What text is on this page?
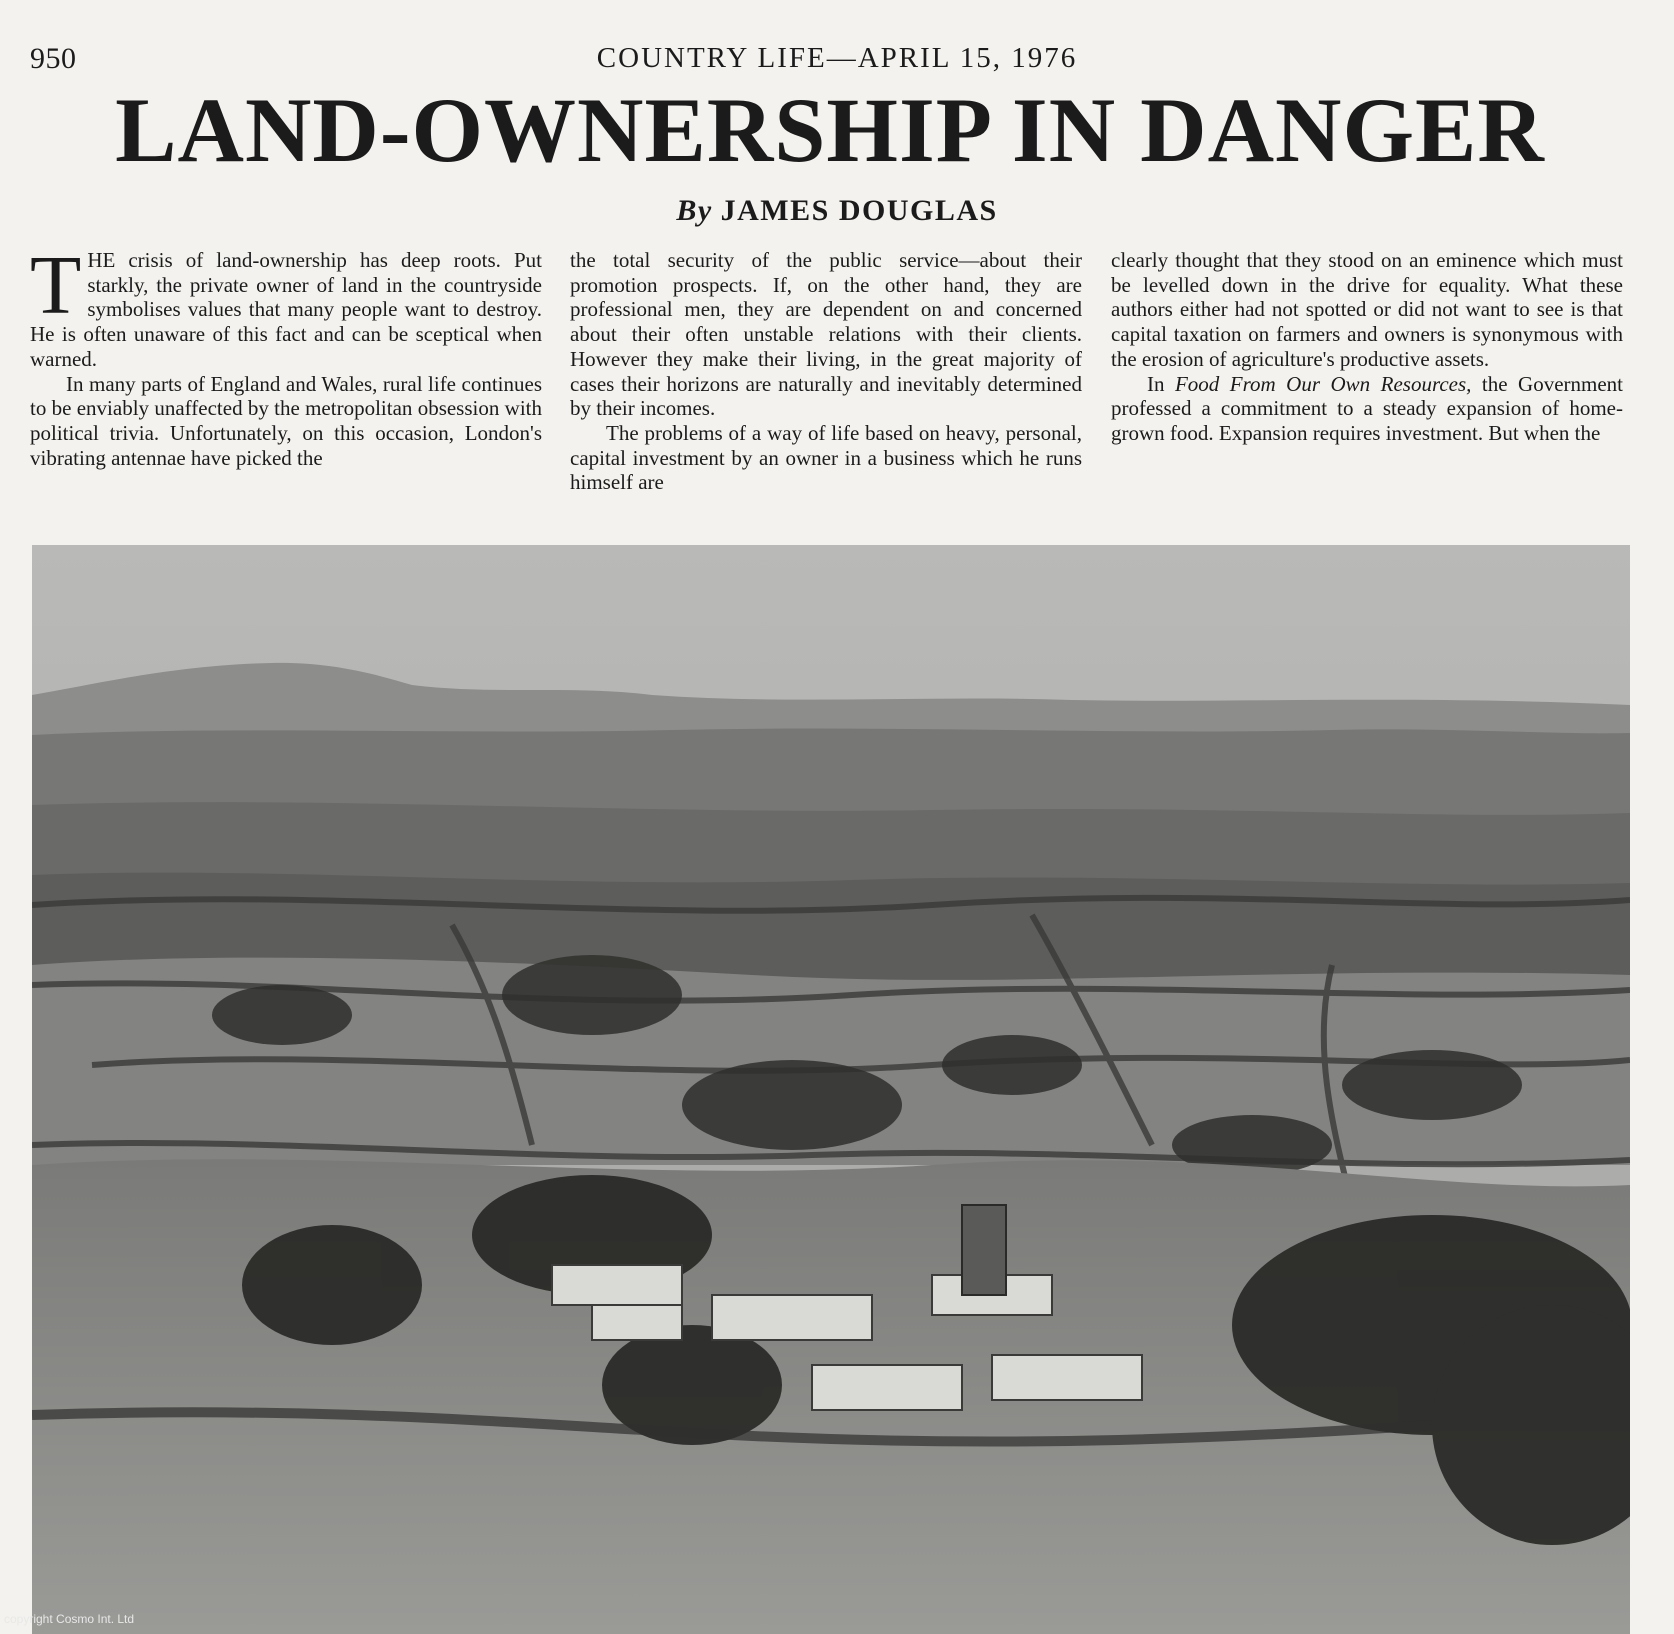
950	COUNTRY LIFE—APRIL 15, 1976
LAND-OWNERSHIP IN DANGER
By JAMES DOUGLAS

THE crisis of land-ownership has deep roots. Put starkly, the private owner of land in the countryside symbolises values that many people want to destroy. He is often unaware of this fact and can be sceptical when warned.

In many parts of England and Wales, rural life continues to be enviably unaffected by the metropolitan obsession with political trivia. Unfortunately, on this occasion, London's vibrating antennae have picked the

the total security of the public service—about their promotion prospects. If, on the other hand, they are professional men, they are dependent on and concerned about their often unstable relations with their clients. However they make their living, in the great majority of cases their horizons are naturally and inevitably determined by their incomes.

The problems of a way of life based on heavy, personal, capital investment by an owner in a business which he runs himself are

clearly thought that they stood on an eminence which must be levelled down in the drive for equality. What these authors either had not spotted or did not want to see is that capital taxation on farmers and owners is synonymous with the erosion of agriculture's productive assets.

In Food From Our Own Resources, the Government professed a commitment to a steady expansion of home-grown food. Expansion requires investment. But when the

copyright Cosmo Int. Ltd
